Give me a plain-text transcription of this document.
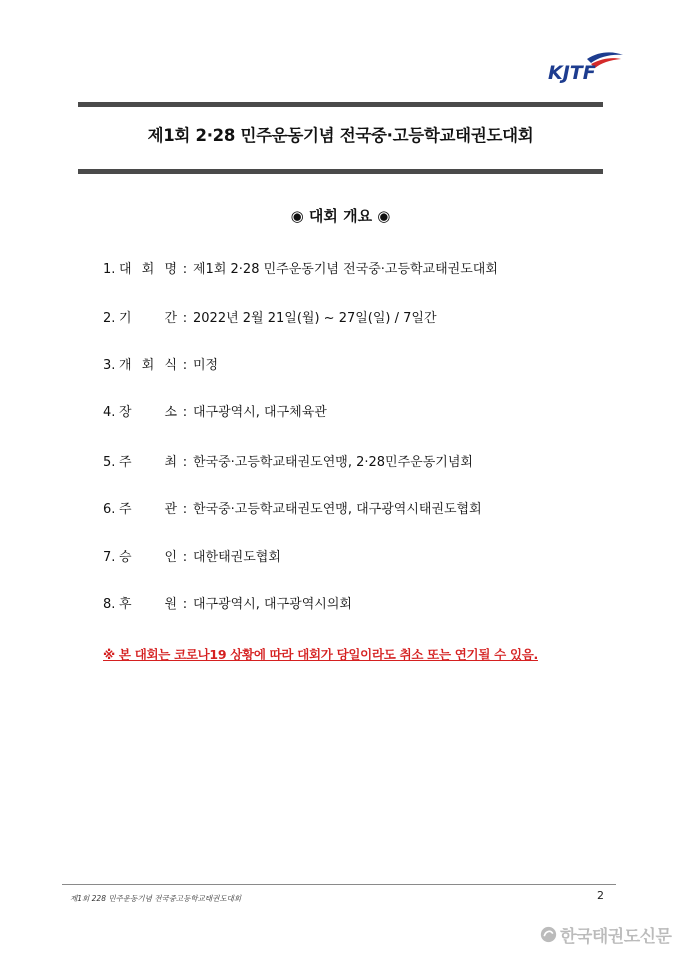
KJTF
제1회 2·28 민주운동기념 전국중·고등학교태권도대회
◉ 대회 개요 ◉
1. 대 회 명 : 제1회 2·28 민주운동기념 전국중·고등학교태권도대회
2. 기	간 : 2022년 2월 21일(월) ~ 27일(일) / 7일간
3. 개 회 식 : 미정
4. 장	소 : 대구광역시, 대구체육관
5. 주	최 : 한국중·고등학교태권도연맹, 2·28민주운동기념회
6. 주	관 : 한국중·고등학교태권도연맹, 대구광역시태권도협회
7. 승	인 : 대한태권도협회
8. 후	원 : 대구광역시, 대구광역시의회
※ 본 대회는 코로나19 상황에 따라 대회가 당일이라도 취소 또는 연기될 수 있음.
제1회 228 민주운동기념 전국중고등학교태권도대회	2
한국태권도신문
